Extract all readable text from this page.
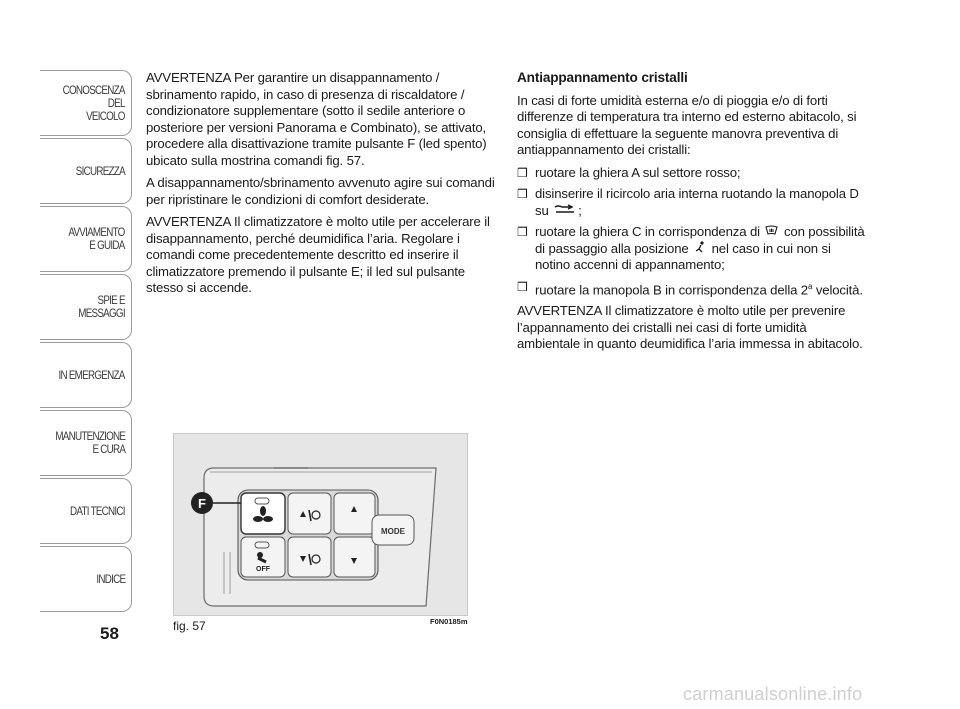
CONOSCENZA
DEL
VEICOLO
SICUREZZA
AVVIAMENTO
E GUIDA
SPIE E
MESSAGGI
IN EMERGENZA
MANUTENZIONE
E CURA
DATI TECNICI
INDICE
58

AVVERTENZA Per garantire un disappannamento / sbrinamento rapido, in caso di presenza di riscaldatore / condizionatore supplementare (sotto il sedile anteriore o posteriore per versioni Panorama e Combinato), se attivato, procedere alla disattivazione tramite pulsante F (led spento) ubicato sulla mostrina comandi fig. 57.

A disappannamento/sbrinamento avvenuto agire sui comandi per ripristinare le condizioni di comfort desiderate.

AVVERTENZA Il climatizzatore è molto utile per accelerare il disappannamento, perché deumidifica l’aria. Regolare i comandi come precedentemente descritto ed inserire il climatizzatore premendo il pulsante E; il led sul pulsante stesso si accende.

Antiappannamento cristalli

In casi di forte umidità esterna e/o di pioggia e/o di forti differenze di temperatura tra interno ed esterno abitacolo, si consiglia di effettuare la seguente manovra preventiva di antiappannamento dei cristalli:

❒ ruotare la ghiera A sul settore rosso;
❒ disinserire il ricircolo aria interna ruotando la manopola D su ;
❒ ruotare la ghiera C in corrispondenza di con possibilità di passaggio alla posizione nel caso in cui non si notino accenni di appannamento;
❒ ruotare la manopola B in corrispondenza della 2$^a$ velocità.

AVVERTENZA Il climatizzatore è molto utile per prevenire l’appannamento dei cristalli nei casi di forte umidità ambientale in quanto deumidifica l’aria immessa in abitacolo.

MODE
OFF
F
fig. 57	F0N0185m
carmanualsonline.info
